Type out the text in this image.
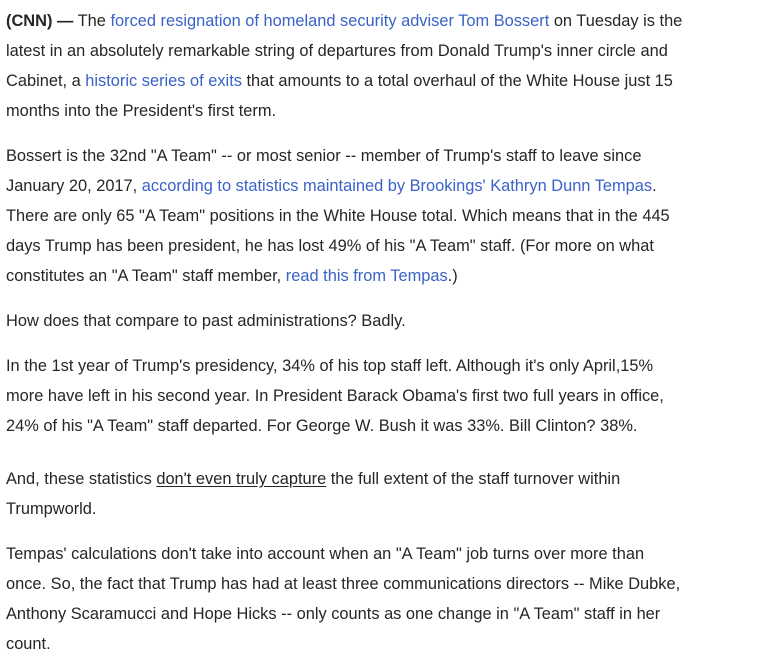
(CNN) — The forced resignation of homeland security adviser Tom Bossert on Tuesday is the
latest in an absolutely remarkable string of departures from Donald Trump's inner circle and
Cabinet, a historic series of exits that amounts to a total overhaul of the White House just 15
months into the President's first term.

Bossert is the 32nd "A Team" -- or most senior -- member of Trump's staff to leave since
January 20, 2017, according to statistics maintained by Brookings' Kathryn Dunn Tempas.
There are only 65 "A Team" positions in the White House total. Which means that in the 445
days Trump has been president, he has lost 49% of his "A Team" staff. (For more on what
constitutes an "A Team" staff member, read this from Tempas.)

How does that compare to past administrations? Badly.

In the 1st year of Trump's presidency, 34% of his top staff left. Although it's only April,15%
more have left in his second year. In President Barack Obama's first two full years in office,
24% of his "A Team" staff departed. For George W. Bush it was 33%. Bill Clinton? 38%.

And, these statistics don't even truly capture the full extent of the staff turnover within
Trumpworld.

Tempas' calculations don't take into account when an "A Team" job turns over more than
once. So, the fact that Trump has had at least three communications directors -- Mike Dubke,
Anthony Scaramucci and Hope Hicks -- only counts as one change in "A Team" staff in her
count.
